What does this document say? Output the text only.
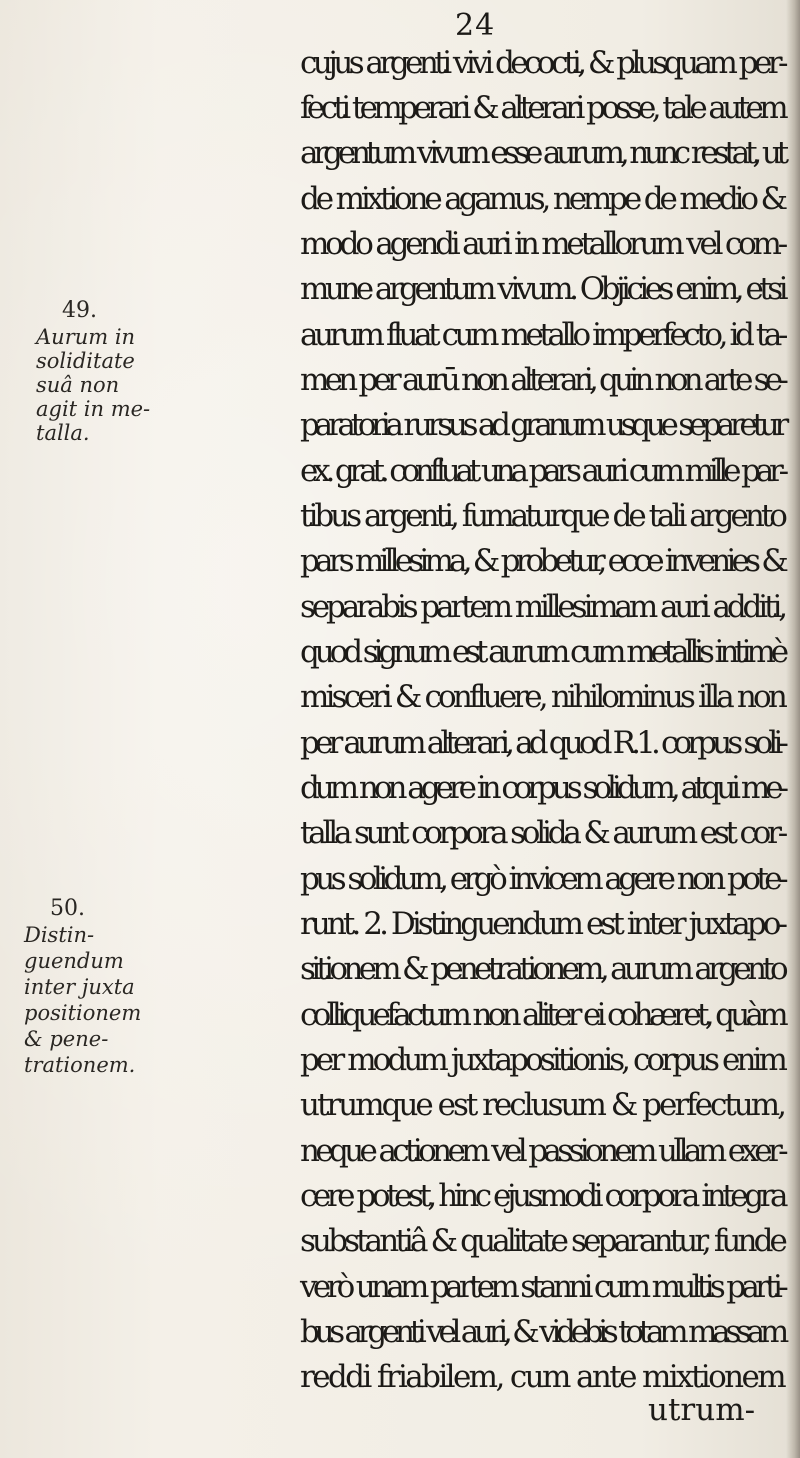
24
cujus argenti vivi decocti, & plusquam per-
fecti temperari & alterari posse, tale autem
argentum vivum esse aurum, nunc restat, ut
de mixtione agamus, nempe de medio &
modo agendi auri in metallorum vel com-
mune argentum vivum. Objicies enim, etsi
aurum fluat cum metallo imperfecto, id ta-
men per aurū non alterari, quin non arte se-
paratoria rursus ad granum usque separetur
ex. grat. confluat una pars auri cum mille par-
tibus argenti, fumaturque de tali argento
pars millesima, & probetur, ecce invenies &
separabis partem millesimam auri additi,
quod signum est aurum cum metallis intimè
misceri & confluere, nihilominus illa non
per aurum alterari, ad quod R.1. corpus soli-
dum non agere in corpus solidum, atqui me-
talla sunt corpora solida & aurum est cor-
pus solidum, ergò invicem agere non pote-
runt. 2. Distinguendum est inter juxtapo-
sitionem & penetrationem, aurum argento
colliquefactum non aliter ei cohæret, quàm
per modum juxtapositionis, corpus enim
utrumque est reclusum & perfectum,
neque actionem vel passionem ullam exer-
cere potest, hinc ejusmodi corpora integra
substantiâ & qualitate separantur, funde
verò unam partem stanni cum multis parti-
bus argenti vel auri, & videbis totam massam
reddi friabilem, cum ante mixtionem
utrum-
49.
Aurum in
soliditate
suâ non
agit in me-
talla.
50.
Distin-
guendum
inter juxta
positionem
& pene-
trationem.
